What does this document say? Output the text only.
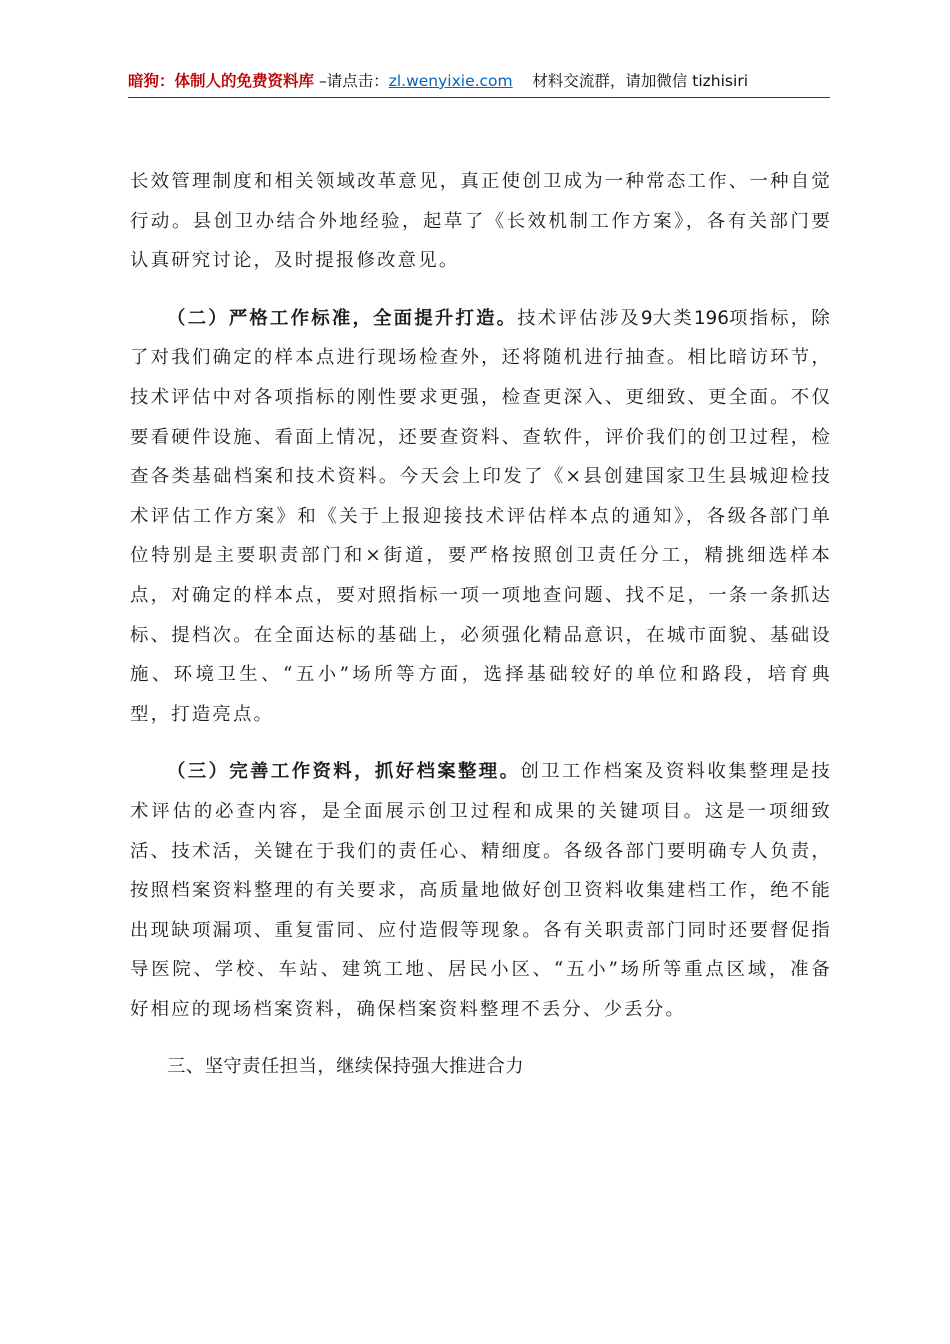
暗狗：体制人的免费资料库 –请点击：zl.wenyixie.com 材料交流群，请加微信 tizhisiri

长效管理制度和相关领域改革意见，真正使创卫成为一种常态工作、一种自觉行动。县创卫办结合外地经验，起草了《长效机制工作方案》，各有关部门要认真研究讨论，及时提报修改意见。

（二）严格工作标准，全面提升打造。技术评估涉及9大类196项指标，除了对我们确定的样本点进行现场检查外，还将随机进行抽查。相比暗访环节，技术评估中对各项指标的刚性要求更强，检查更深入、更细致、更全面。不仅要看硬件设施、看面上情况，还要查资料、查软件，评价我们的创卫过程，检查各类基础档案和技术资料。今天会上印发了《×县创建国家卫生县城迎检技术评估工作方案》和《关于上报迎接技术评估样本点的通知》，各级各部门单位特别是主要职责部门和×街道，要严格按照创卫责任分工，精挑细选样本点，对确定的样本点，要对照指标一项一项地查问题、找不足，一条一条抓达标、提档次。在全面达标的基础上，必须强化精品意识，在城市面貌、基础设施、环境卫生、“五小”场所等方面，选择基础较好的单位和路段，培育典型，打造亮点。

（三）完善工作资料，抓好档案整理。创卫工作档案及资料收集整理是技术评估的必查内容，是全面展示创卫过程和成果的关键项目。这是一项细致活、技术活，关键在于我们的责任心、精细度。各级各部门要明确专人负责，按照档案资料整理的有关要求，高质量地做好创卫资料收集建档工作，绝不能出现缺项漏项、重复雷同、应付造假等现象。各有关职责部门同时还要督促指导医院、学校、车站、建筑工地、居民小区、“五小”场所等重点区域，准备好相应的现场档案资料，确保档案资料整理不丢分、少丢分。

三、坚守责任担当，继续保持强大推进合力
